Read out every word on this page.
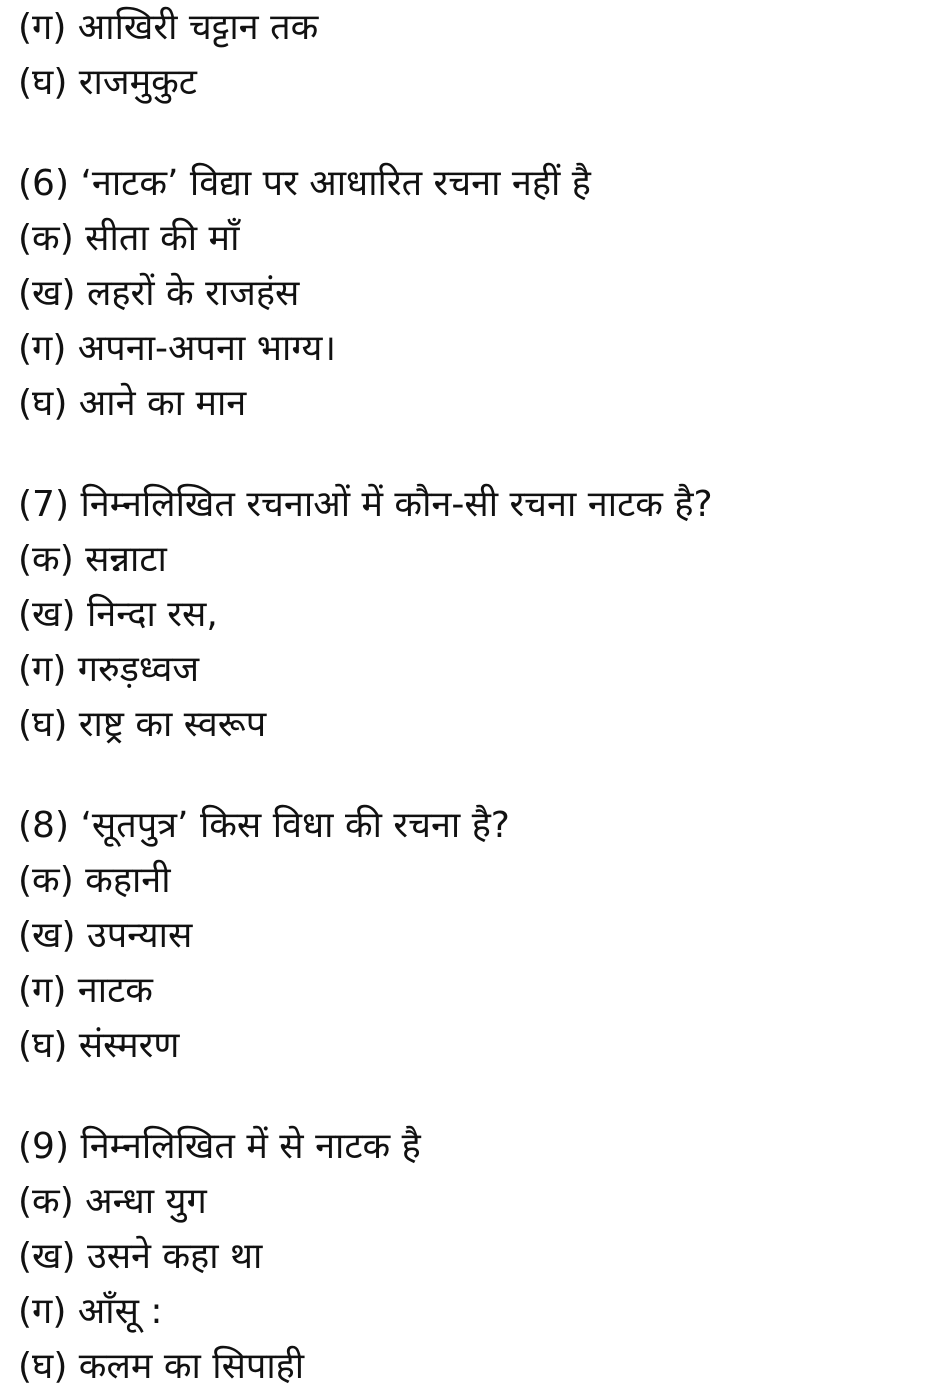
(ग) आखिरी चट्टान तक
(घ) राजमुकुट
(6) ‘नाटक’ विद्या पर आधारित रचना नहीं है
(क) सीता की माँ
(ख) लहरों के राजहंस
(ग) अपना-अपना भाग्य।
(घ) आने का मान
(7) निम्नलिखित रचनाओं में कौन-सी रचना नाटक है?
(क) सन्नाटा
(ख) निन्दा रस,
(ग) गरुड़ध्वज
(घ) राष्ट्र का स्वरूप
(8) ‘सूतपुत्र’ किस विधा की रचना है?
(क) कहानी
(ख) उपन्यास
(ग) नाटक
(घ) संस्मरण
(9) निम्नलिखित में से नाटक है
(क) अन्धा युग
(ख) उसने कहा था
(ग) आँसू :
(घ) कलम का सिपाही
